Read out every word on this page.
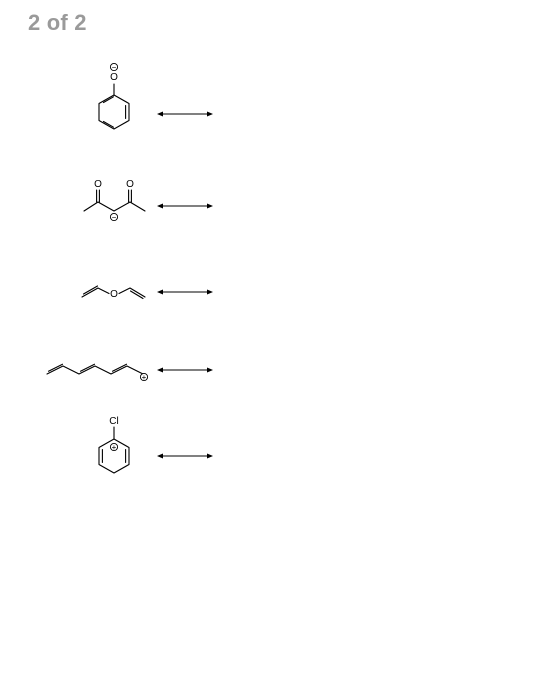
2 of 2
−
O
O O
−
O
+
Cl
+
